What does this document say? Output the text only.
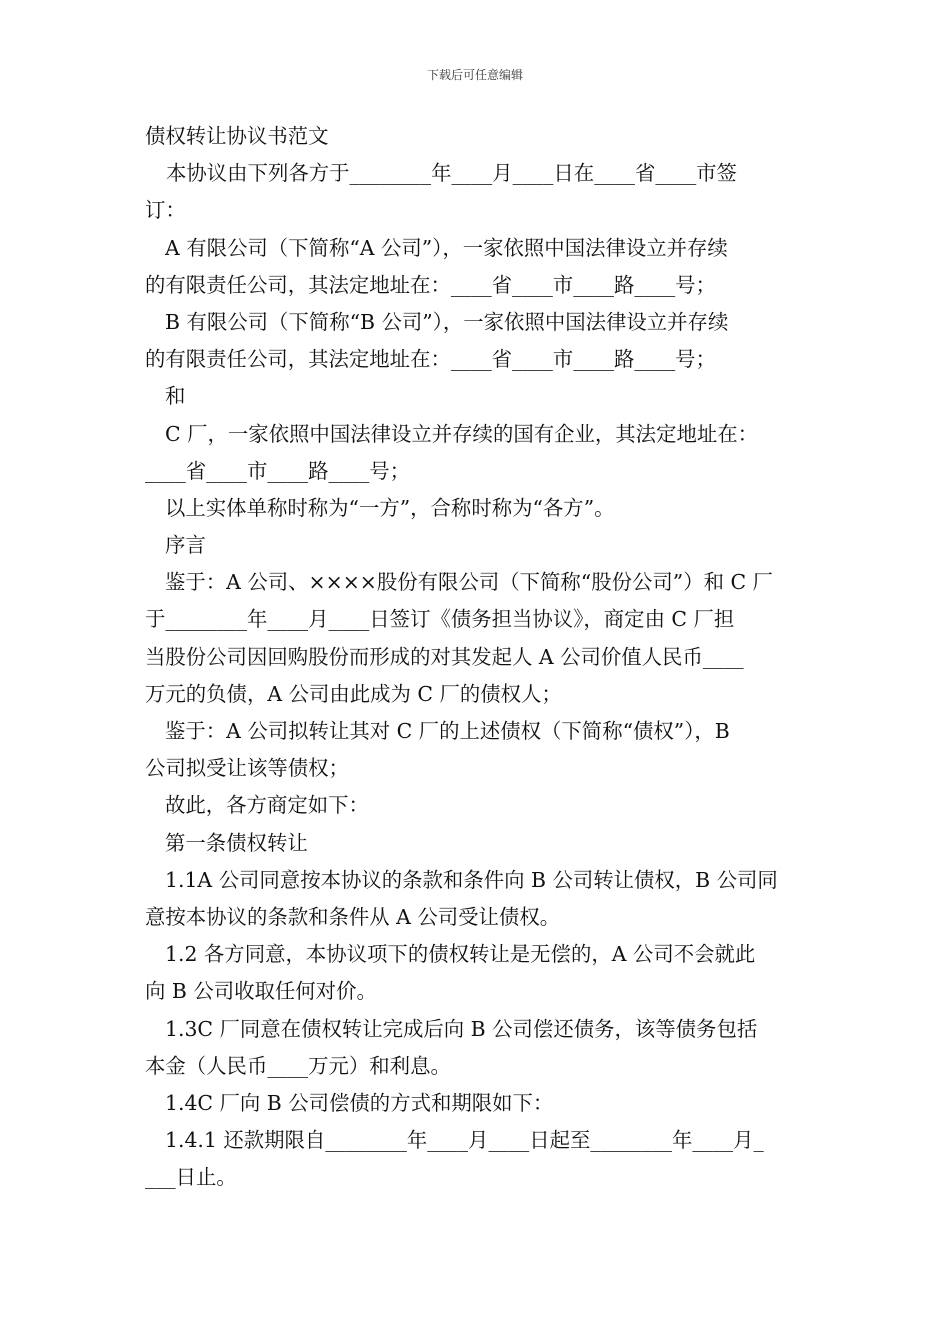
下载后可任意编辑
债权转让协议书范文
本协议由下列各方于________年____月____日在____省____市签
订：
A 有限公司（下简称“A 公司”），一家依照中国法律设立并存续
的有限责任公司，其法定地址在：____省____市____路____号；
B 有限公司（下简称“B 公司”），一家依照中国法律设立并存续
的有限责任公司，其法定地址在：____省____市____路____号；
和
C 厂，一家依照中国法律设立并存续的国有企业，其法定地址在：
____省____市____路____号；
以上实体单称时称为“一方”，合称时称为“各方”。
序言
鉴于：A 公司、××××股份有限公司（下简称“股份公司”）和 C 厂
于________年____月____日签订《债务担当协议》，商定由 C 厂担
当股份公司因回购股份而形成的对其发起人 A 公司价值人民币____
万元的负债，A 公司由此成为 C 厂的债权人；
鉴于：A 公司拟转让其对 C 厂的上述债权（下简称“债权”），B
公司拟受让该等债权；
故此，各方商定如下：
第一条债权转让
1.1A 公司同意按本协议的条款和条件向 B 公司转让债权，B 公司同
意按本协议的条款和条件从 A 公司受让债权。
1.2 各方同意，本协议项下的债权转让是无偿的，A 公司不会就此
向 B 公司收取任何对价。
1.3C 厂同意在债权转让完成后向 B 公司偿还债务，该等债务包括
本金（人民币____万元）和利息。
1.4C 厂向 B 公司偿债的方式和期限如下：
1.4.1 还款期限自________年____月____日起至________年____月_
___日止。
